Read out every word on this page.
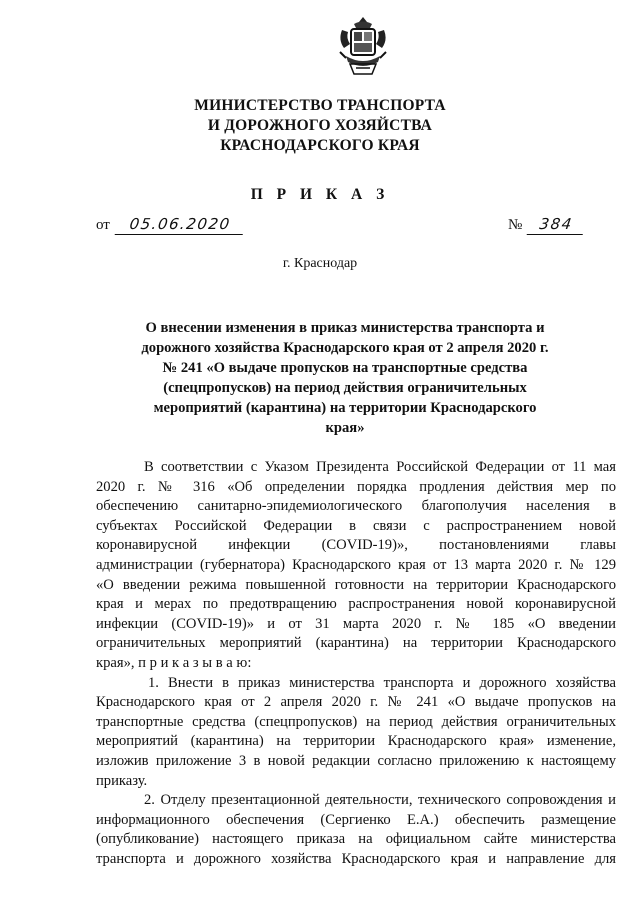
МИНИСТЕРСТВО ТРАНСПОРТА
И ДОРОЖНОГО ХОЗЯЙСТВА
КРАСНОДАРСКОГО КРАЯ
П Р И К А З
от 05.06.2020	№ 384
г. Краснодар
О внесении изменения в приказ министерства транспорта и
дорожного хозяйства Краснодарского края от 2 апреля 2020 г.
№ 241 «О выдаче пропусков на транспортные средства
(спецпропусков) на период действия ограничительных
мероприятий (карантина) на территории Краснодарского
края»
В соответствии с Указом Президента Российской Федерации от 11 мая
2020 г. № 316 «Об определении порядка продления действия мер по
обеспечению санитарно-эпидемиологического благополучия населения в
субъектах Российской Федерации в связи с распространением новой
коронавирусной инфекции (COVID-19)», постановлениями главы
администрации (губернатора) Краснодарского края от 13 марта 2020 г. № 129
«О введении режима повышенной готовности на территории Краснодарского
края и мерах по предотвращению распространения новой коронавирусной
инфекции (COVID-19)» и от 31 марта 2020 г. № 185 «О введении
ограничительных мероприятий (карантина) на территории Краснодарского
края», п р и к а з ы в а ю:
1. Внести в приказ министерства транспорта и дорожного хозяйства
Краснодарского края от 2 апреля 2020 г. № 241 «О выдаче пропусков на
транспортные средства (спецпропусков) на период действия ограничительных
мероприятий (карантина) на территории Краснодарского края» изменение,
изложив приложение 3 в новой редакции согласно приложению к настоящему
приказу.
2. Отделу презентационной деятельности, технического сопровождения и
информационного обеспечения (Сергиенко Е.А.) обеспечить размещение
(опубликование) настоящего приказа на официальном сайте министерства
транспорта и дорожного хозяйства Краснодарского края и направление для
